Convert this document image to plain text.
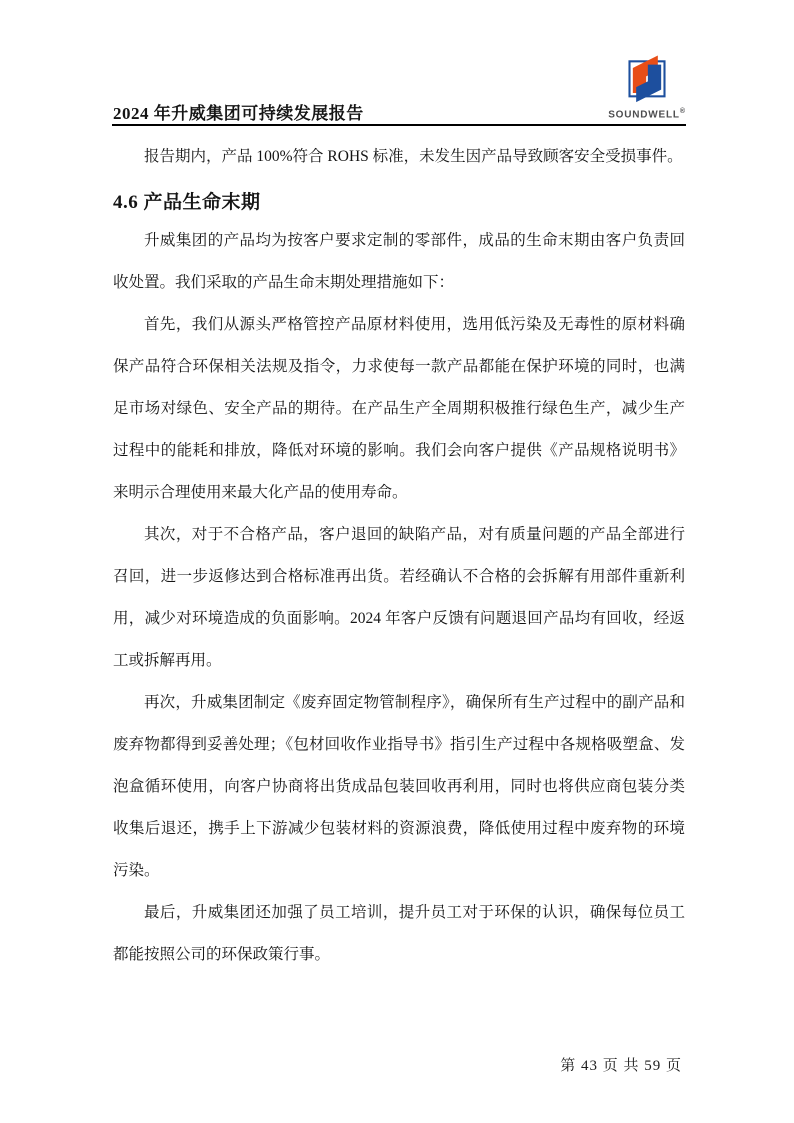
2024 年升威集团可持续发展报告	SOUNDWELL®

报告期内，产品 100%符合 ROHS 标准，未发生因产品导致顾客安全受损事件。

4.6 产品生命末期

升威集团的产品均为按客户要求定制的零部件，成品的生命末期由客户负责回收处置。我们采取的产品生命末期处理措施如下：

首先，我们从源头严格管控产品原材料使用，选用低污染及无毒性的原材料确保产品符合环保相关法规及指令，力求使每一款产品都能在保护环境的同时，也满足市场对绿色、安全产品的期待。在产品生产全周期积极推行绿色生产，减少生产过程中的能耗和排放，降低对环境的影响。我们会向客户提供《产品规格说明书》来明示合理使用来最大化产品的使用寿命。

其次，对于不合格产品，客户退回的缺陷产品，对有质量问题的产品全部进行召回，进一步返修达到合格标准再出货。若经确认不合格的会拆解有用部件重新利用，减少对环境造成的负面影响。2024 年客户反馈有问题退回产品均有回收，经返工或拆解再用。

再次，升威集团制定《废弃固定物管制程序》，确保所有生产过程中的副产品和废弃物都得到妥善处理；《包材回收作业指导书》指引生产过程中各规格吸塑盒、发泡盒循环使用，向客户协商将出货成品包装回收再利用，同时也将供应商包装分类收集后退还，携手上下游减少包装材料的资源浪费，降低使用过程中废弃物的环境污染。

最后，升威集团还加强了员工培训，提升员工对于环保的认识，确保每位员工都能按照公司的环保政策行事。

第 43 页 共 59 页
